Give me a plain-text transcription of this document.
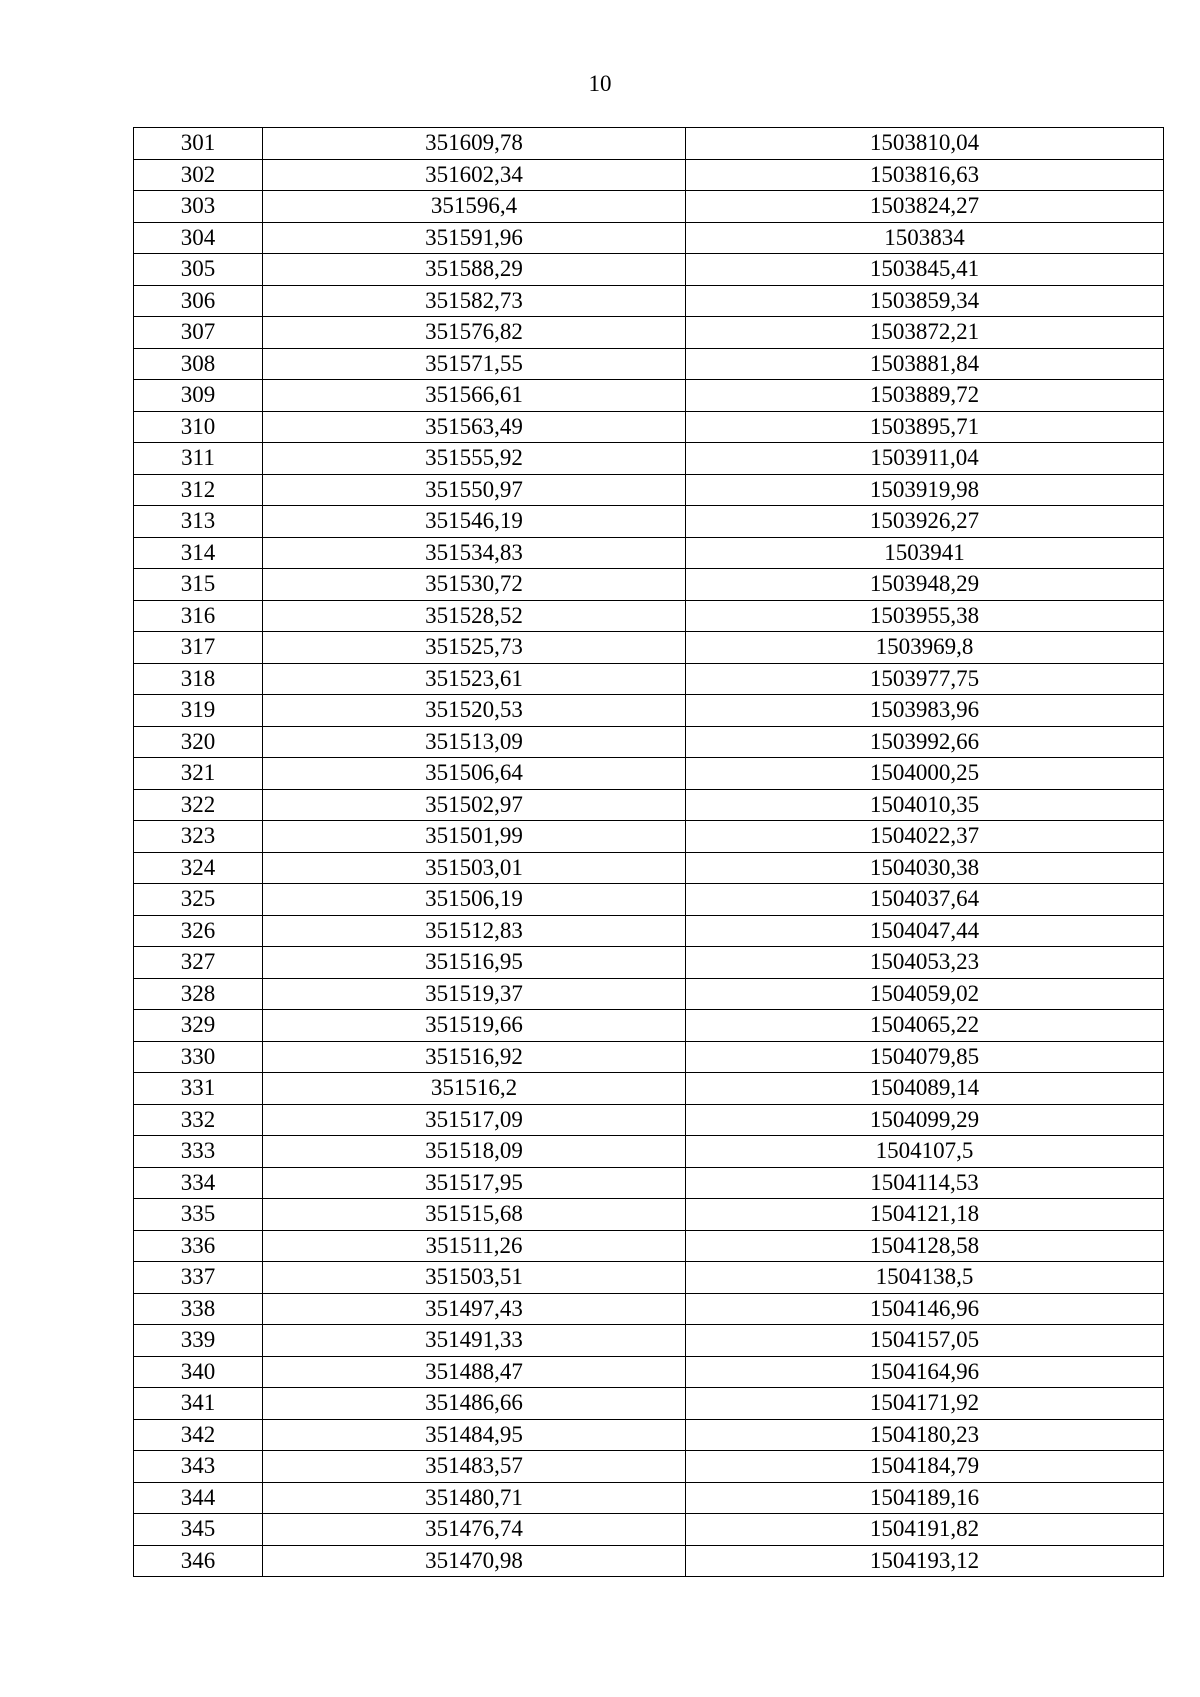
10
301	351609,78	1503810,04
302	351602,34	1503816,63
303	351596,4	1503824,27
304	351591,96	1503834
305	351588,29	1503845,41
306	351582,73	1503859,34
307	351576,82	1503872,21
308	351571,55	1503881,84
309	351566,61	1503889,72
310	351563,49	1503895,71
311	351555,92	1503911,04
312	351550,97	1503919,98
313	351546,19	1503926,27
314	351534,83	1503941
315	351530,72	1503948,29
316	351528,52	1503955,38
317	351525,73	1503969,8
318	351523,61	1503977,75
319	351520,53	1503983,96
320	351513,09	1503992,66
321	351506,64	1504000,25
322	351502,97	1504010,35
323	351501,99	1504022,37
324	351503,01	1504030,38
325	351506,19	1504037,64
326	351512,83	1504047,44
327	351516,95	1504053,23
328	351519,37	1504059,02
329	351519,66	1504065,22
330	351516,92	1504079,85
331	351516,2	1504089,14
332	351517,09	1504099,29
333	351518,09	1504107,5
334	351517,95	1504114,53
335	351515,68	1504121,18
336	351511,26	1504128,58
337	351503,51	1504138,5
338	351497,43	1504146,96
339	351491,33	1504157,05
340	351488,47	1504164,96
341	351486,66	1504171,92
342	351484,95	1504180,23
343	351483,57	1504184,79
344	351480,71	1504189,16
345	351476,74	1504191,82
346	351470,98	1504193,12
